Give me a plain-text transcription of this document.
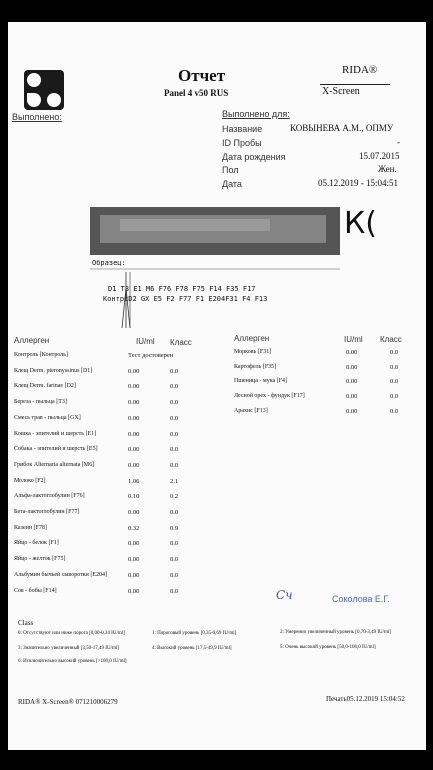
Отчет
Panel 4 v50 RUS
RIDA®
X-Screen
Выполнено:	Выполнено для:
Название	КОВЫНЕВА А.М., ОПМУ
ID Пробы	-
Дата рождения	15.07.2015
Пол	Жен.
Дата	05.12.2019 - 15:04:51
К(
Образец:
D1 T3 E1 M6 F76 F78 F75 F14 F35 F17
КонтрсD2 GX E5 F2 F77 F1 E204F31 F4 F13
Аллерген	IU/ml Класс	Аллерген	IU/ml Класс
Контроль [Контроль]	Тест достоверен
Клещ Derm. pteronyssinus [D1]	0.00	0.0
Клещ Derm. farinae [D2]	0.00	0.0
Береза - пыльца [T3]	0.00	0.0
Смесь трав - пыльца [GX]	0.00	0.0
Кошка - эпителий и шерсть [E1]	0.00	0.0
Собака - эпителий и шерсть [E5]	0.00	0.0
Грибок Alternaria alternata [M6]	0.00	0.0
Молоко [F2]	1.06	2.1
Альфа-лактоглобулин [F76]	0.10	0.2
Бета-лактоглобулин [F77]	0.00	0.0
Казеин [F78]	0.32	0.9
Яйцо - белок [F1]	0.00	0.0
Яйцо - желток [F75]	0.00	0.0
Альбумин бычьей сыворотки [E204]	0.00	0.0
Соя - бобы [F14]	0.00	0.0
Морковь [F31]	0.00	0.0
Картофель [F35]	0.00	0.0
Пшеница - мука [F4]	0.00	0.0
Лесной орех - фундук [F17]	0.00	0.0
Арахис [F13]	0.00	0.0
Сч	Соколова Е.Г.
Class
0: Отсутствуют или ниже порога [0,00-0,34 IU/ml]	1: Пороговый уровень [0,35-0,69 IU/ml]	2: Умеренно увеличенный уровень [0,70-3,49 IU/ml]
3: Значительно увеличенный [3,50-17,49 IU/ml]	4: Высокий уровень [17,5-49,9 IU/ml]	5: Очень высокий уровень [50,0-100,0 IU/ml]
6: Исключительно высокий уровень [>100,0 IU/ml]
RIDA® X-Screen® 071210006279	Печать05.12.2019 15:04:52
